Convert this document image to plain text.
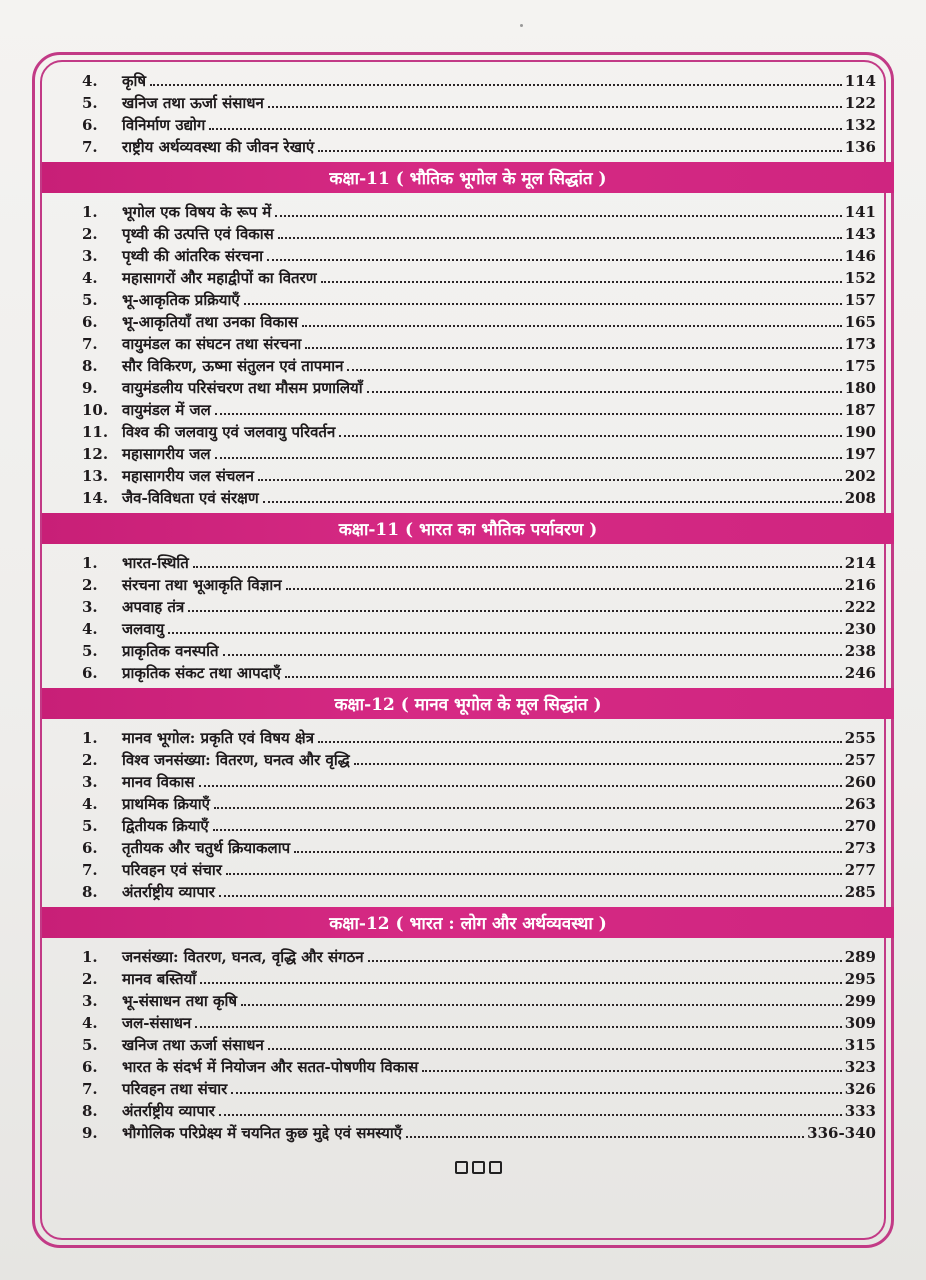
4.	कृषि	114
5.	खनिज तथा ऊर्जा संसाधन	122
6.	विनिर्माण उद्योग	132
7.	राष्ट्रीय अर्थव्यवस्था की जीवन रेखाएं	136
कक्षा-11 ( भौतिक भूगोल के मूल सिद्धांत )
1.	भूगोल एक विषय के रूप में	141
2.	पृथ्वी की उत्पत्ति एवं विकास	143
3.	पृथ्वी की आंतरिक संरचना	146
4.	महासागरों और महाद्वीपों का वितरण	152
5.	भू-आकृतिक प्रक्रियाएँ	157
6.	भू-आकृतियाँ तथा उनका विकास	165
7.	वायुमंडल का संघटन तथा संरचना	173
8.	सौर विकिरण, ऊष्मा संतुलन एवं तापमान	175
9.	वायुमंडलीय परिसंचरण तथा मौसम प्रणालियाँ	180
10. वायुमंडल में जल	187
11. विश्व की जलवायु एवं जलवायु परिवर्तन	190
12. महासागरीय जल	197
13. महासागरीय जल संचलन	202
14. जैव-विविधता एवं संरक्षण	208
कक्षा-11 ( भारत का भौतिक पर्यावरण )
1.	भारत-स्थिति	214
2.	संरचना तथा भूआकृति विज्ञान	216
3.	अपवाह तंत्र	222
4.	जलवायु	230
5.	प्राकृतिक वनस्पति	238
6.	प्राकृतिक संकट तथा आपदाएँ	246
कक्षा-12 ( मानव भूगोल के मूल सिद्धांत )
1.	मानव भूगोल: प्रकृति एवं विषय क्षेत्र	255
2.	विश्व जनसंख्या: वितरण, घनत्व और वृद्धि	257
3.	मानव विकास	260
4.	प्राथमिक क्रियाएँ	263
5.	द्वितीयक क्रियाएँ	270
6.	तृतीयक और चतुर्थ क्रियाकलाप	273
7.	परिवहन एवं संचार	277
8.	अंतर्राष्ट्रीय व्यापार	285
कक्षा-12 ( भारत : लोग और अर्थव्यवस्था )
1.	जनसंख्या: वितरण, घनत्व, वृद्धि और संगठन	289
2.	मानव बस्तियाँ	295
3.	भू-संसाधन तथा कृषि	299
4.	जल-संसाधन	309
5.	खनिज तथा ऊर्जा संसाधन	315
6.	भारत के संदर्भ में नियोजन और सतत-पोषणीय विकास	323
7.	परिवहन तथा संचार	326
8.	अंतर्राष्ट्रीय व्यापार	333
9.	भौगोलिक परिप्रेक्ष्य में चयनित कुछ मुद्दे एवं समस्याएँ	336-340
